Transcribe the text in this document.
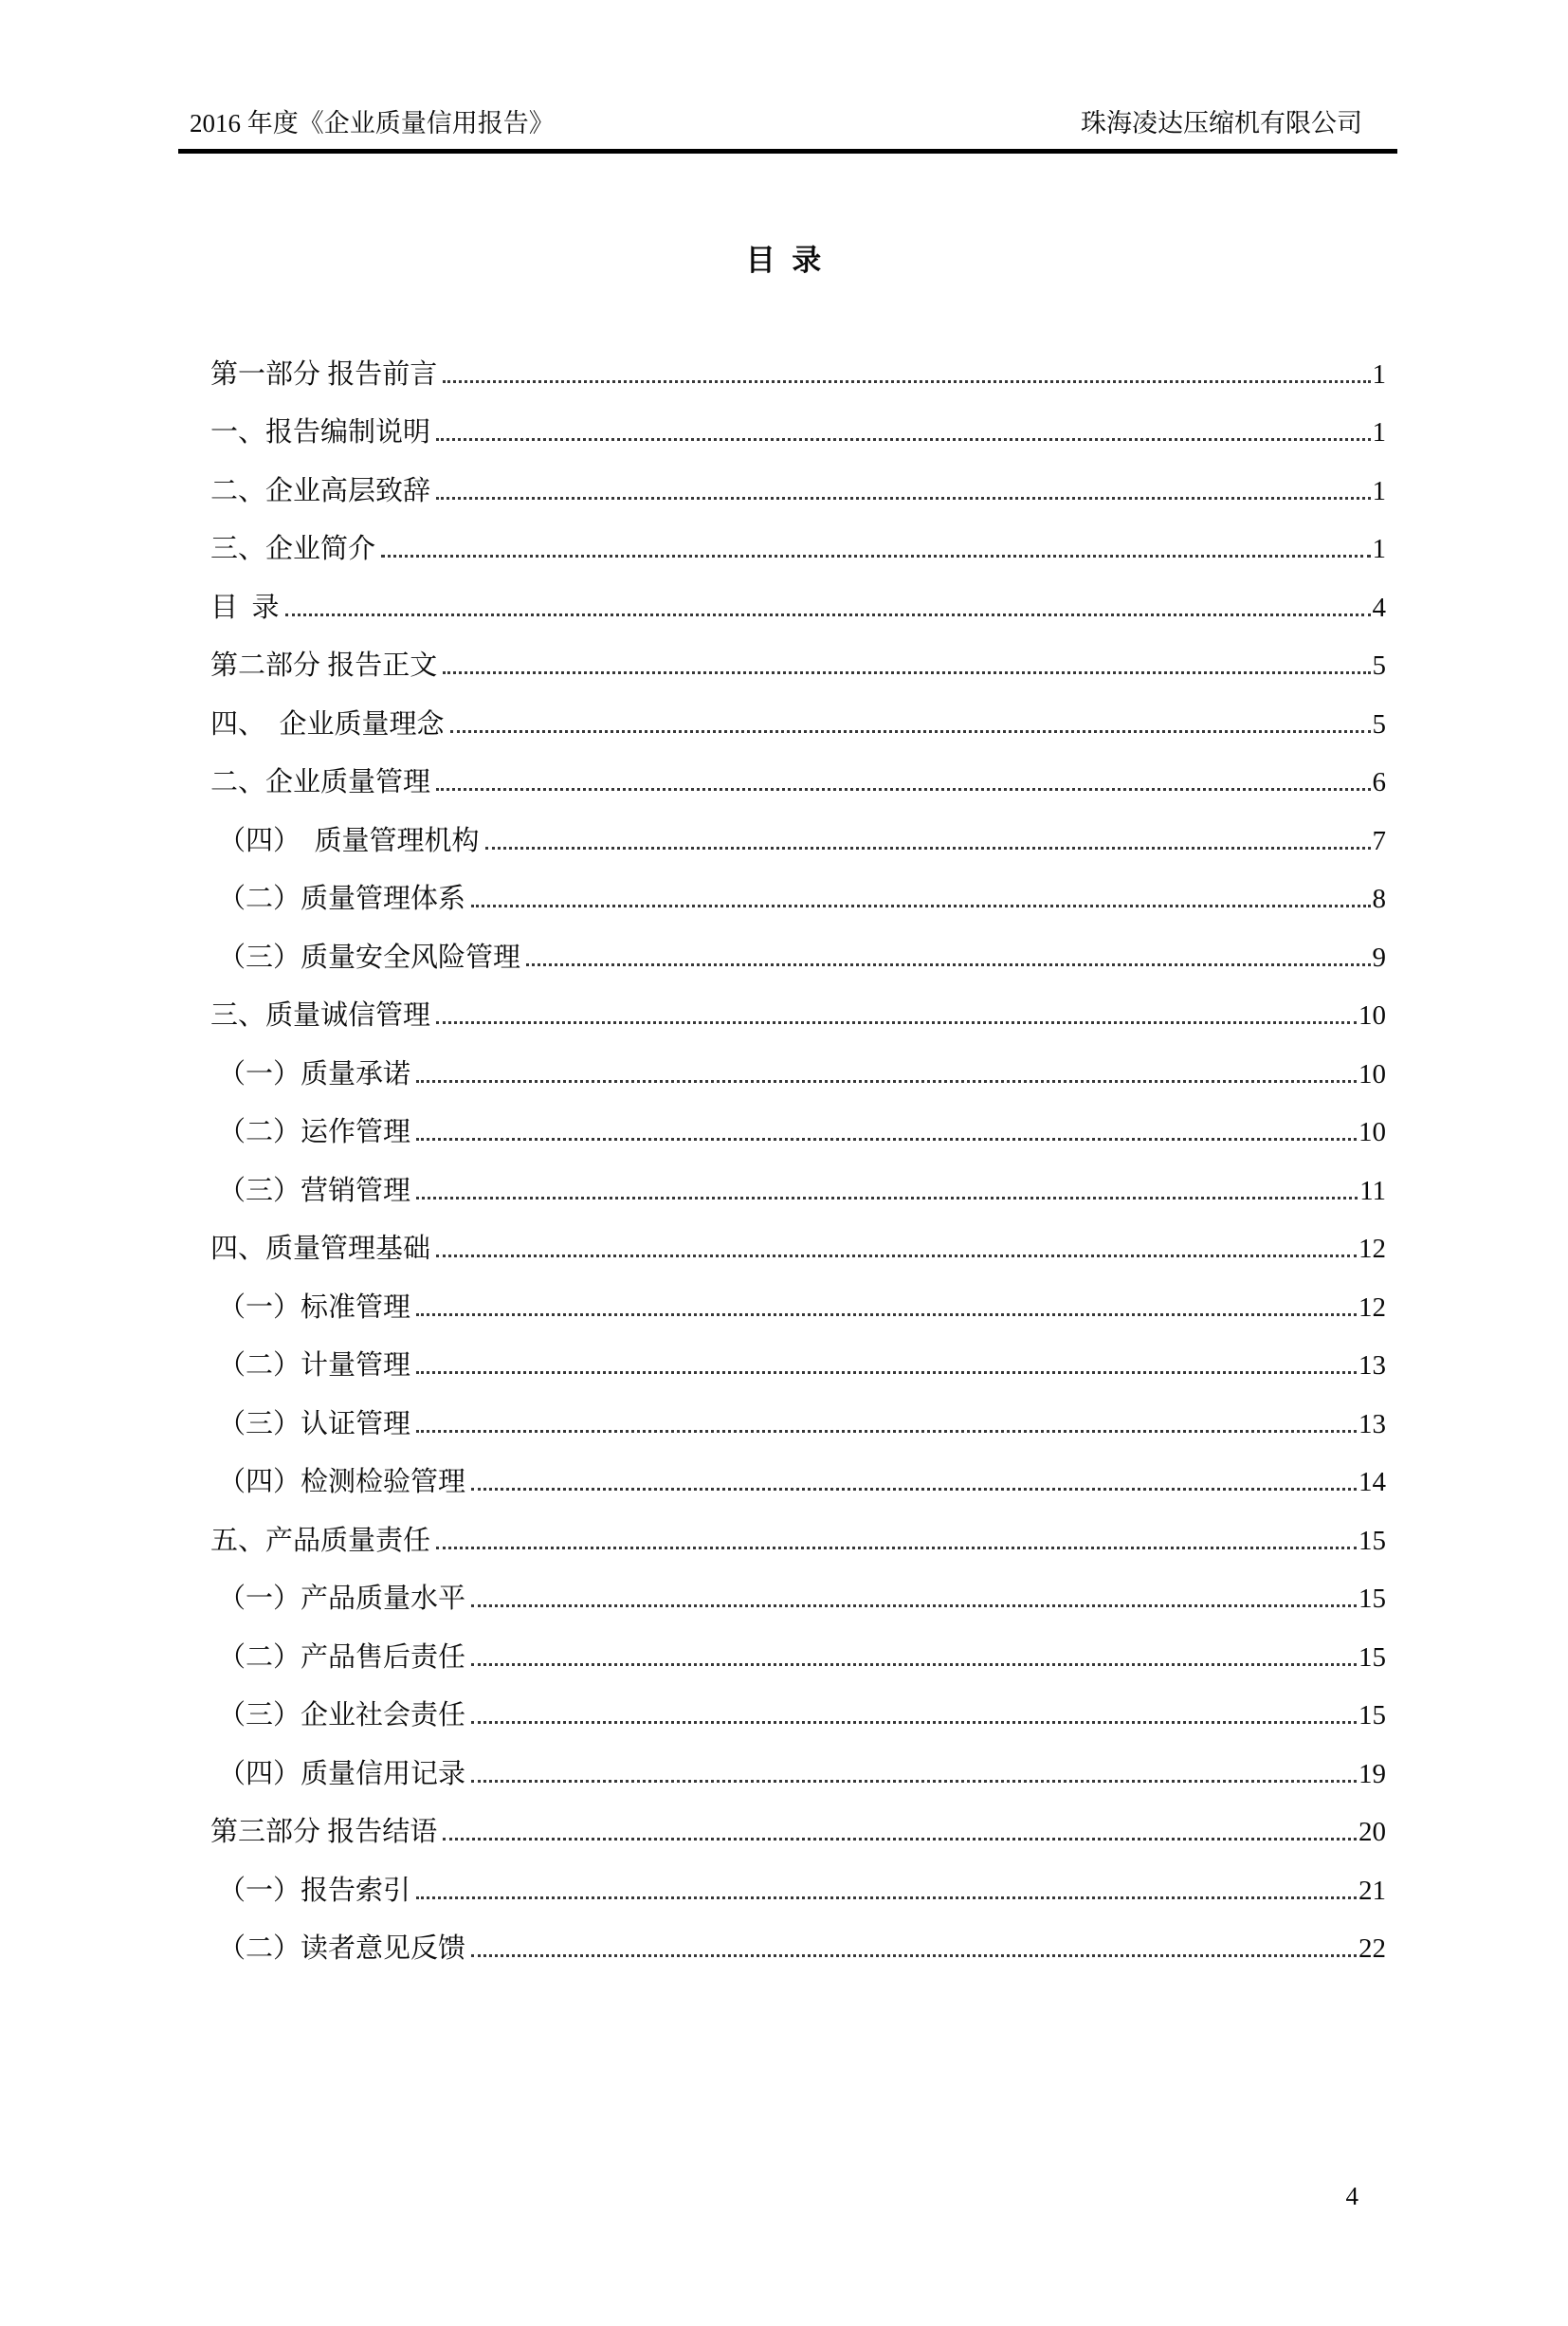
2016 年度《企业质量信用报告》	珠海凌达压缩机有限公司
目 录
第一部分 报告前言	1
一、报告编制说明	1
二、企业高层致辞	1
三、企业简介	1
目 录	4
第二部分 报告正文	5
四、　企业质量理念	5
二、企业质量管理	6
（四）　质量管理机构	7
（二）质量管理体系	8
（三）质量安全风险管理	9
三、质量诚信管理	10
（一）质量承诺	10
（二）运作管理	10
（三）营销管理	11
四、质量管理基础	12
（一）标准管理	12
（二）计量管理	13
（三）认证管理	13
（四）检测检验管理	14
五、产品质量责任	15
（一）产品质量水平	15
（二）产品售后责任	15
（三）企业社会责任	15
（四）质量信用记录	19
第三部分 报告结语	20
（一）报告索引	21
（二）读者意见反馈	22
4
